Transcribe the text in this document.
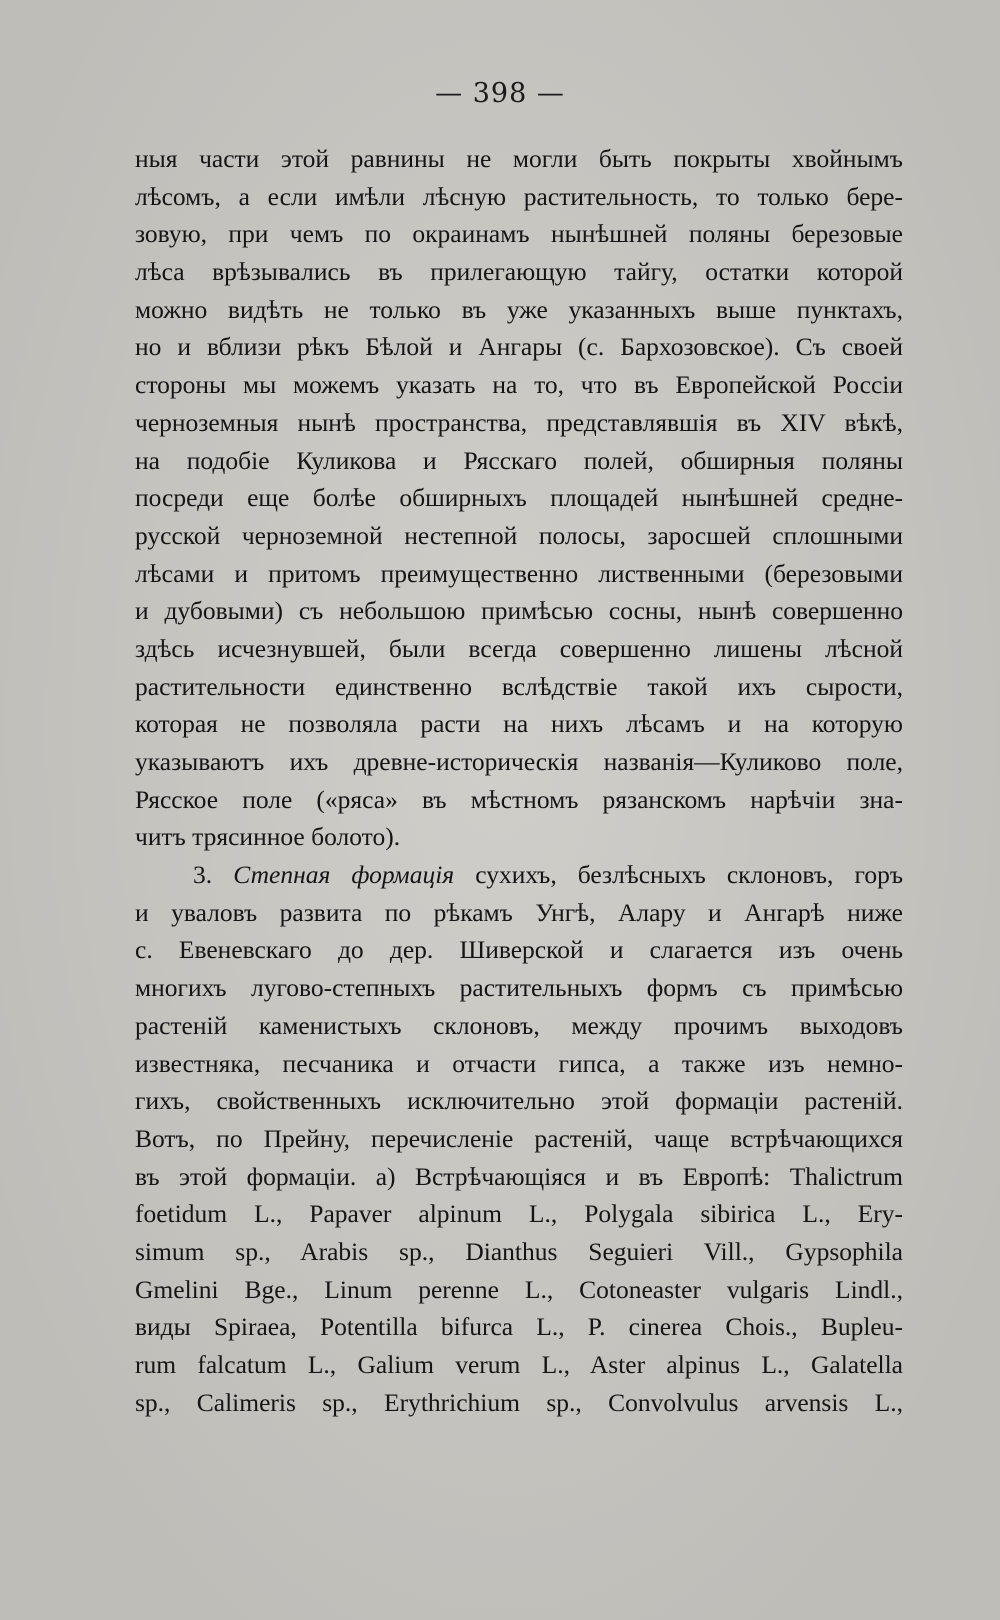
— 398 —
ныя части этой равнины не могли быть покрыты хвойнымъ
лѣсомъ, а если имѣли лѣсную растительность, то только бере-
зовую, при чемъ по окраинамъ нынѣшней поляны березовые
лѣса врѣзывались въ прилегающую тайгу, остатки которой
можно видѣть не только въ уже указанныхъ выше пунктахъ,
но и вблизи рѣкъ Бѣлой и Ангары (с. Бархозовское). Съ своей
стороны мы можемъ указать на то, что въ Европейской Россіи
черноземныя нынѣ пространства, представлявшія въ XIV вѣкѣ,
на подобіе Куликова и Рясскаго полей, обширныя поляны
посреди еще болѣе обширныхъ площадей нынѣшней средне-
русской черноземной нестепной полосы, заросшей сплошными
лѣсами и притомъ преимущественно лиственными (березовыми
и дубовыми) съ небольшою примѣсью сосны, нынѣ совершенно
здѣсь исчезнувшей, были всегда совершенно лишены лѣсной
растительности единственно вслѣдствіе такой ихъ сырости,
которая не позволяла расти на нихъ лѣсамъ и на которую
указываютъ ихъ древне-историческія названія—Куликово поле,
Рясское поле («ряса» въ мѣстномъ рязанскомъ нарѣчіи зна-
читъ трясинное болото).
3. Степная формація сухихъ, безлѣсныхъ склоновъ, горъ
и уваловъ развита по рѣкамъ Унгѣ, Алару и Ангарѣ ниже
с. Евеневскаго до дер. Шиверской и слагается изъ очень
многихъ лугово-степныхъ растительныхъ формъ съ примѣсью
растеній каменистыхъ склоновъ, между прочимъ выходовъ
известняка, песчаника и отчасти гипса, а также изъ немно-
гихъ, свойственныхъ исключительно этой формаціи растеній.
Вотъ, по Прейну, перечисленіе растеній, чаще встрѣчающихся
въ этой формаціи. а) Встрѣчающіяся и въ Европѣ: Thalictrum
foetidum L., Papaver alpinum L., Polygala sibirica L., Ery-
simum sp., Arabis sp., Dianthus Seguieri Vill., Gypsophila
Gmelini Bge., Linum perenne L., Cotoneaster vulgaris Lindl.,
виды Spiraea, Potentilla bifurca L., P. cinerea Chois., Bupleu-
rum falcatum L., Galium verum L., Aster alpinus L., Galatella
sp., Calimeris sp., Erythrichium sp., Convolvulus arvensis L.,
